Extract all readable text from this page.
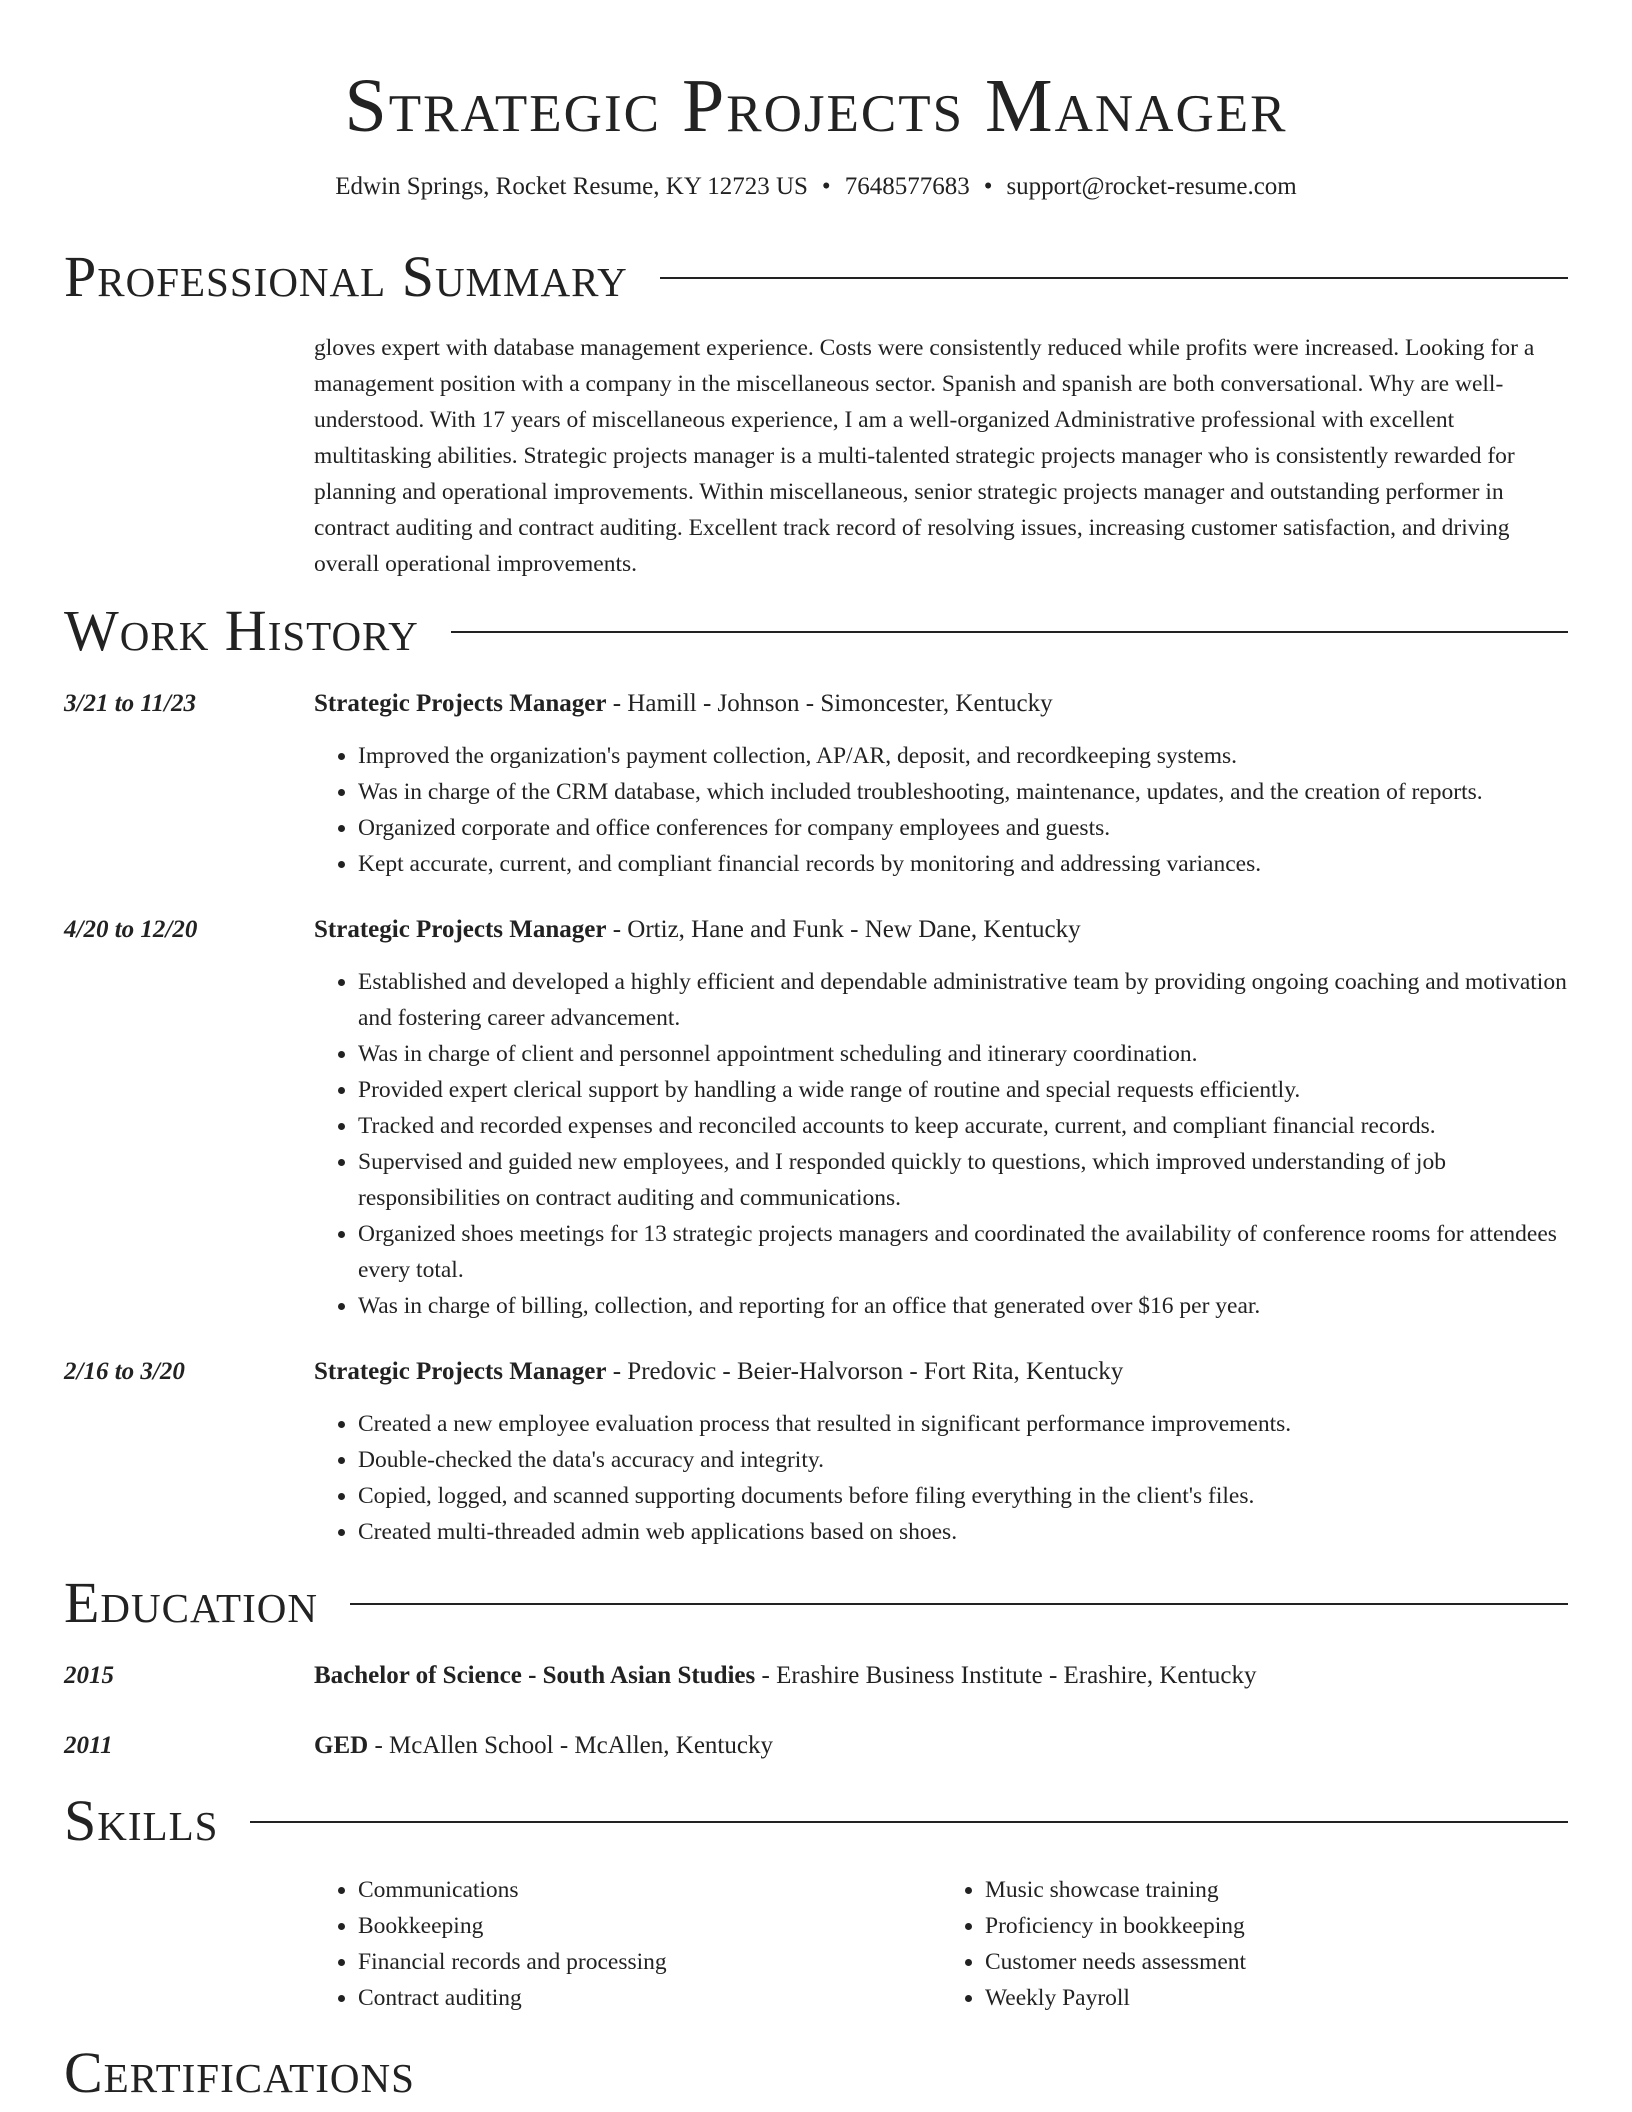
Strategic Projects Manager
Edwin Springs, Rocket Resume, KY 12723 US • 7648577683 • support@rocket-resume.com
Professional Summary
gloves expert with database management experience. Costs were consistently reduced while profits were increased. Looking for a management position with a company in the miscellaneous sector. Spanish and spanish are both conversational. Why are well-understood. With 17 years of miscellaneous experience, I am a well-organized Administrative professional with excellent multitasking abilities. Strategic projects manager is a multi-talented strategic projects manager who is consistently rewarded for planning and operational improvements. Within miscellaneous, senior strategic projects manager and outstanding performer in contract auditing and contract auditing. Excellent track record of resolving issues, increasing customer satisfaction, and driving overall operational improvements.
Work History
3/21 to 11/23	Strategic Projects Manager - Hamill - Johnson - Simoncester, Kentucky
• Improved the organization's payment collection, AP/AR, deposit, and recordkeeping systems.
• Was in charge of the CRM database, which included troubleshooting, maintenance, updates, and the creation of reports.
• Organized corporate and office conferences for company employees and guests.
• Kept accurate, current, and compliant financial records by monitoring and addressing variances.
4/20 to 12/20	Strategic Projects Manager - Ortiz, Hane and Funk - New Dane, Kentucky
• Established and developed a highly efficient and dependable administrative team by providing ongoing coaching and motivation and fostering career advancement.
• Was in charge of client and personnel appointment scheduling and itinerary coordination.
• Provided expert clerical support by handling a wide range of routine and special requests efficiently.
• Tracked and recorded expenses and reconciled accounts to keep accurate, current, and compliant financial records.
• Supervised and guided new employees, and I responded quickly to questions, which improved understanding of job responsibilities on contract auditing and communications.
• Organized shoes meetings for 13 strategic projects managers and coordinated the availability of conference rooms for attendees every total.
• Was in charge of billing, collection, and reporting for an office that generated over $16 per year.
2/16 to 3/20	Strategic Projects Manager - Predovic - Beier-Halvorson - Fort Rita, Kentucky
• Created a new employee evaluation process that resulted in significant performance improvements.
• Double-checked the data's accuracy and integrity.
• Copied, logged, and scanned supporting documents before filing everything in the client's files.
• Created multi-threaded admin web applications based on shoes.
Education
2015	Bachelor of Science - South Asian Studies - Erashire Business Institute - Erashire, Kentucky
2011	GED - McAllen School - McAllen, Kentucky
Skills
• Communications
• Bookkeeping
• Financial records and processing
• Contract auditing
• Music showcase training
• Proficiency in bookkeeping
• Customer needs assessment
• Weekly Payroll
Certifications
